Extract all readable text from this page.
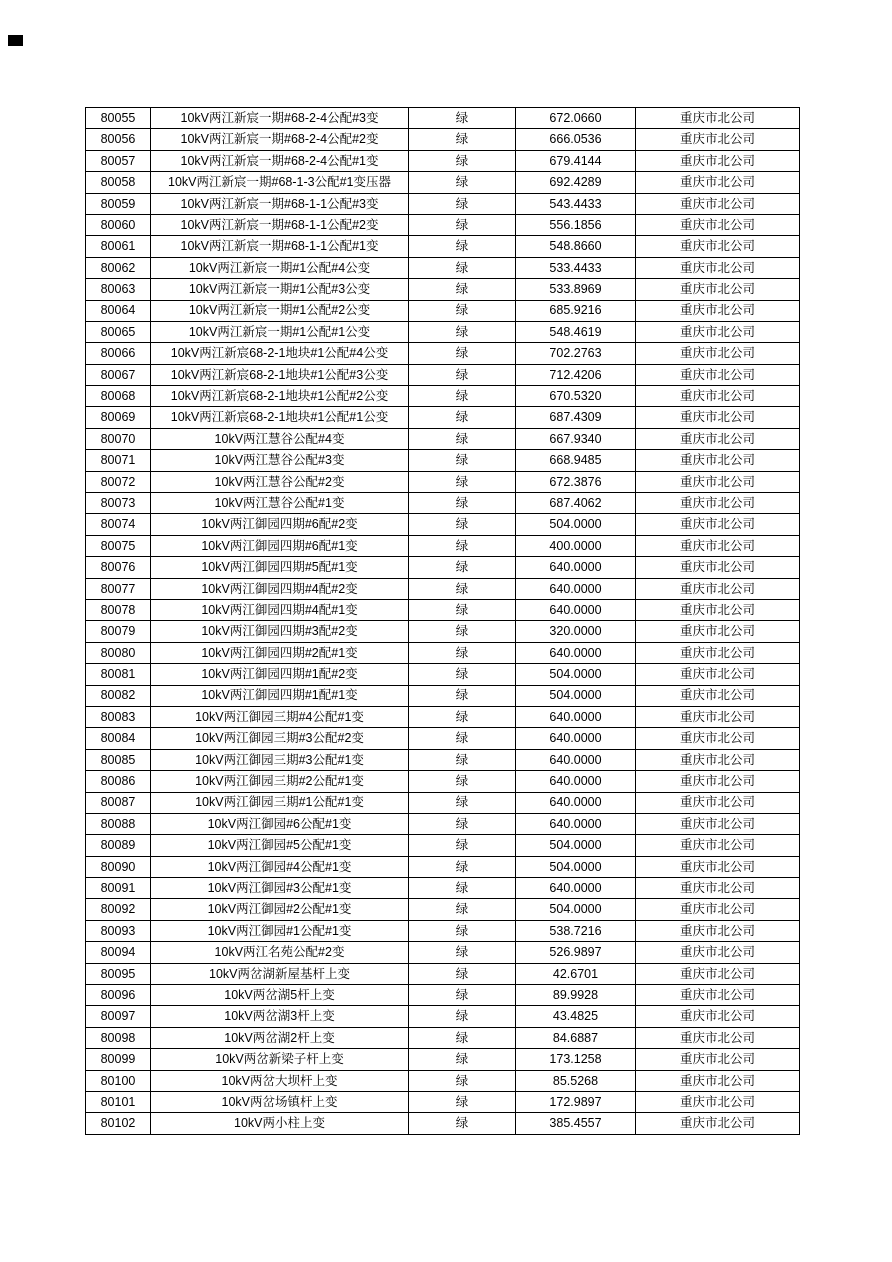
80055	10kV两江新宸一期#68-2-4公配#3变	绿	672.0660	重庆市北公司
80056	10kV两江新宸一期#68-2-4公配#2变	绿	666.0536	重庆市北公司
80057	10kV两江新宸一期#68-2-4公配#1变	绿	679.4144	重庆市北公司
80058	10kV两江新宸一期#68-1-3公配#1变压器	绿	692.4289	重庆市北公司
80059	10kV两江新宸一期#68-1-1公配#3变	绿	543.4433	重庆市北公司
80060	10kV两江新宸一期#68-1-1公配#2变	绿	556.1856	重庆市北公司
80061	10kV两江新宸一期#68-1-1公配#1变	绿	548.8660	重庆市北公司
80062	10kV两江新宸一期#1公配#4公变	绿	533.4433	重庆市北公司
80063	10kV两江新宸一期#1公配#3公变	绿	533.8969	重庆市北公司
80064	10kV两江新宸一期#1公配#2公变	绿	685.9216	重庆市北公司
80065	10kV两江新宸一期#1公配#1公变	绿	548.4619	重庆市北公司
80066	10kV两江新宸68-2-1地块#1公配#4公变	绿	702.2763	重庆市北公司
80067	10kV两江新宸68-2-1地块#1公配#3公变	绿	712.4206	重庆市北公司
80068	10kV两江新宸68-2-1地块#1公配#2公变	绿	670.5320	重庆市北公司
80069	10kV两江新宸68-2-1地块#1公配#1公变	绿	687.4309	重庆市北公司
80070	10kV两江慧谷公配#4变	绿	667.9340	重庆市北公司
80071	10kV两江慧谷公配#3变	绿	668.9485	重庆市北公司
80072	10kV两江慧谷公配#2变	绿	672.3876	重庆市北公司
80073	10kV两江慧谷公配#1变	绿	687.4062	重庆市北公司
80074	10kV两江御园四期#6配#2变	绿	504.0000	重庆市北公司
80075	10kV两江御园四期#6配#1变	绿	400.0000	重庆市北公司
80076	10kV两江御园四期#5配#1变	绿	640.0000	重庆市北公司
80077	10kV两江御园四期#4配#2变	绿	640.0000	重庆市北公司
80078	10kV两江御园四期#4配#1变	绿	640.0000	重庆市北公司
80079	10kV两江御园四期#3配#2变	绿	320.0000	重庆市北公司
80080	10kV两江御园四期#2配#1变	绿	640.0000	重庆市北公司
80081	10kV两江御园四期#1配#2变	绿	504.0000	重庆市北公司
80082	10kV两江御园四期#1配#1变	绿	504.0000	重庆市北公司
80083	10kV两江御园三期#4公配#1变	绿	640.0000	重庆市北公司
80084	10kV两江御园三期#3公配#2变	绿	640.0000	重庆市北公司
80085	10kV两江御园三期#3公配#1变	绿	640.0000	重庆市北公司
80086	10kV两江御园三期#2公配#1变	绿	640.0000	重庆市北公司
80087	10kV两江御园三期#1公配#1变	绿	640.0000	重庆市北公司
80088	10kV两江御园#6公配#1变	绿	640.0000	重庆市北公司
80089	10kV两江御园#5公配#1变	绿	504.0000	重庆市北公司
80090	10kV两江御园#4公配#1变	绿	504.0000	重庆市北公司
80091	10kV两江御园#3公配#1变	绿	640.0000	重庆市北公司
80092	10kV两江御园#2公配#1变	绿	504.0000	重庆市北公司
80093	10kV两江御园#1公配#1变	绿	538.7216	重庆市北公司
80094	10kV两江名苑公配#2变	绿	526.9897	重庆市北公司
80095	10kV两岔湖新屋基杆上变	绿	42.6701	重庆市北公司
80096	10kV两岔湖5杆上变	绿	89.9928	重庆市北公司
80097	10kV两岔湖3杆上变	绿	43.4825	重庆市北公司
80098	10kV两岔湖2杆上变	绿	84.6887	重庆市北公司
80099	10kV两岔新梁子杆上变	绿	173.1258	重庆市北公司
80100	10kV两岔大坝杆上变	绿	85.5268	重庆市北公司
80101	10kV两岔场镇杆上变	绿	172.9897	重庆市北公司
80102	10kV两小柱上变	绿	385.4557	重庆市北公司
